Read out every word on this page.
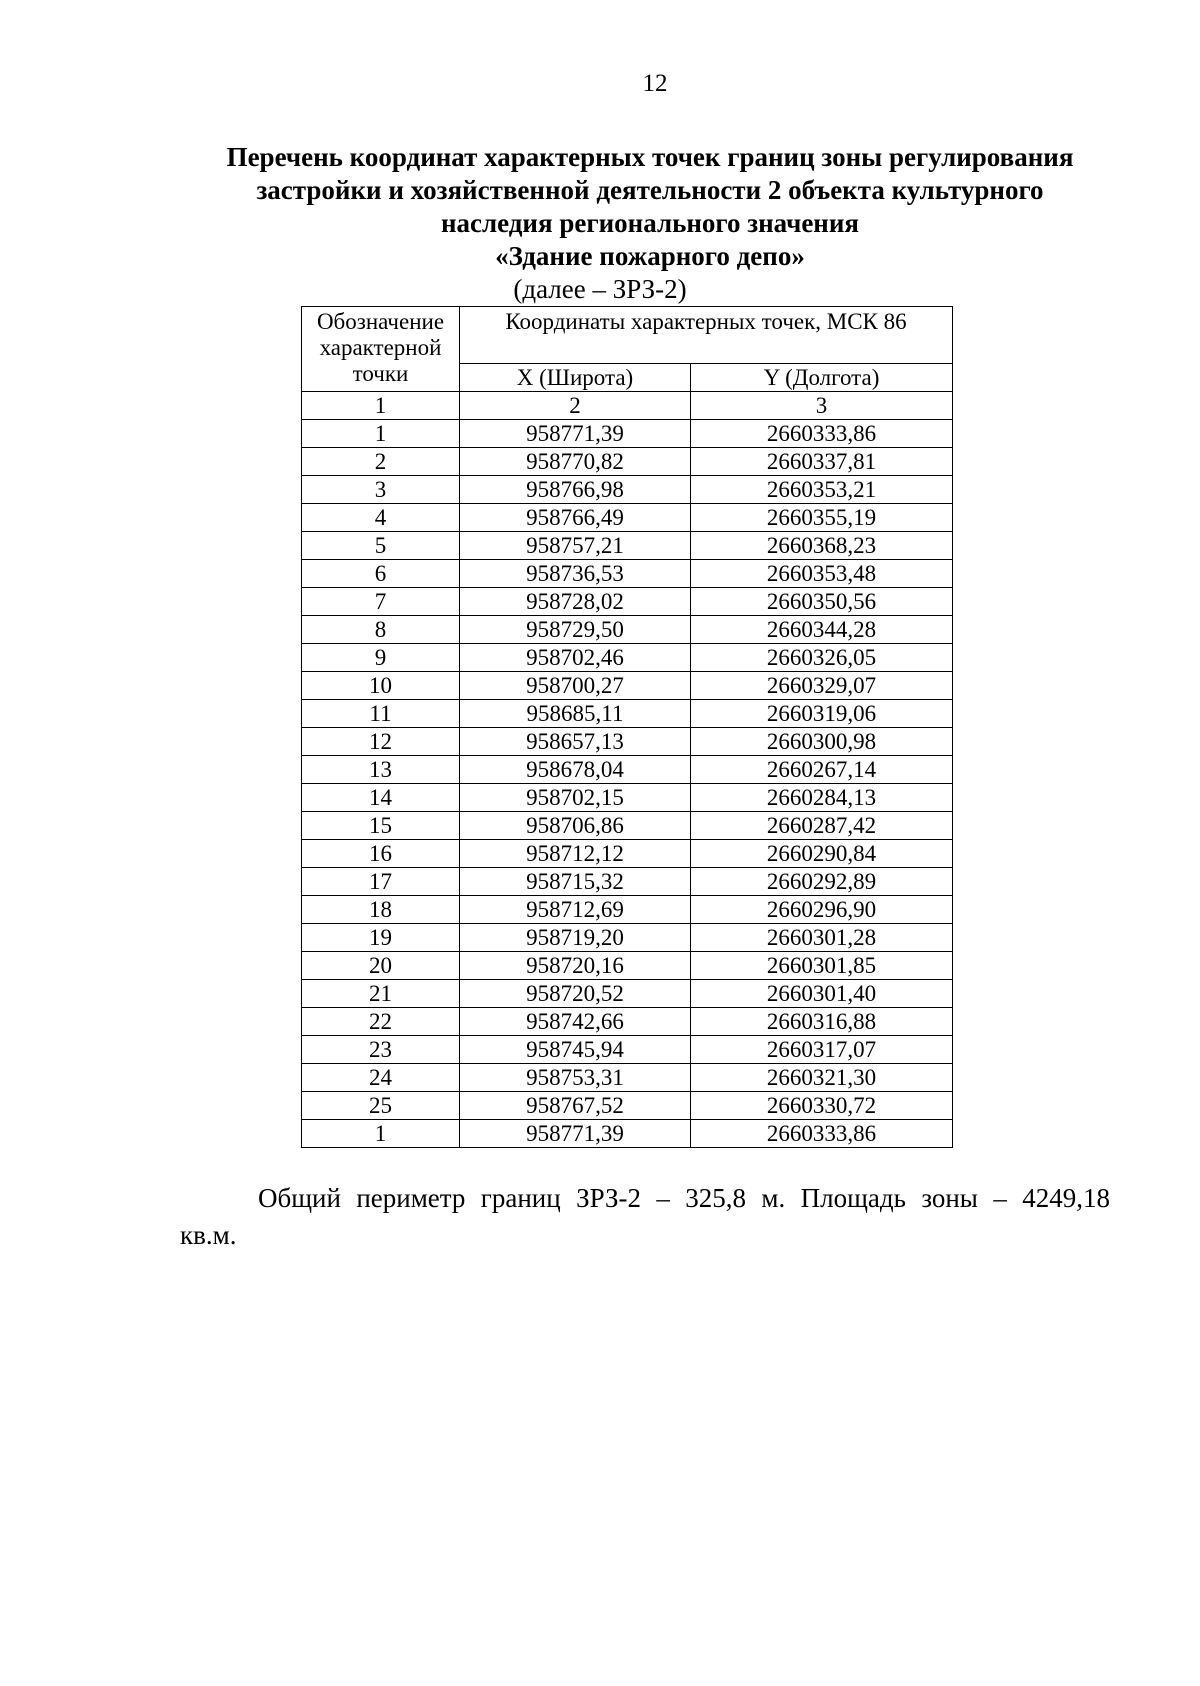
12
Перечень координат характерных точек границ зоны регулирования
застройки и хозяйственной деятельности 2 объекта культурного
наследия регионального значения
«Здание пожарного депо»
(далее – ЗРЗ-2)
Обозначение характерной точки	Координаты характерных точек, МСК 86	
	X (Широта)	Y (Долгота)
1	2	3
1	958771,39	2660333,86
2	958770,82	2660337,81
3	958766,98	2660353,21
4	958766,49	2660355,19
5	958757,21	2660368,23
6	958736,53	2660353,48
7	958728,02	2660350,56
8	958729,50	2660344,28
9	958702,46	2660326,05
10	958700,27	2660329,07
11	958685,11	2660319,06
12	958657,13	2660300,98
13	958678,04	2660267,14
14	958702,15	2660284,13
15	958706,86	2660287,42
16	958712,12	2660290,84
17	958715,32	2660292,89
18	958712,69	2660296,90
19	958719,20	2660301,28
20	958720,16	2660301,85
21	958720,52	2660301,40
22	958742,66	2660316,88
23	958745,94	2660317,07
24	958753,31	2660321,30
25	958767,52	2660330,72
1	958771,39	2660333,86
Общий периметр границ ЗРЗ-2 – 325,8 м. Площадь зоны – 4249,18
кв.м.
